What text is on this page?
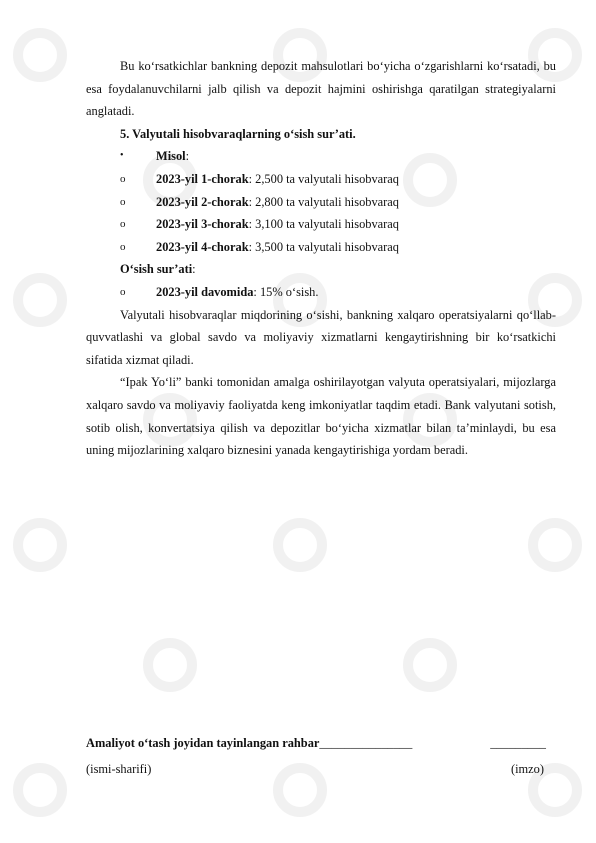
Bu ko‘rsatkichlar bankning depozit mahsulotlari bo‘yicha o‘zgarishlarni ko‘rsatadi, bu esa foydalanuvchilarni jalb qilish va depozit hajmini oshirishga qaratilgan strategiyalarni anglatadi.

5. Valyutali hisobvaraqlarning o‘sish sur’ati.
•	Misol:
o	2023-yil 1-chorak: 2,500 ta valyutali hisobvaraq
o	2023-yil 2-chorak: 2,800 ta valyutali hisobvaraq
o	2023-yil 3-chorak: 3,100 ta valyutali hisobvaraq
o	2023-yil 4-chorak: 3,500 ta valyutali hisobvaraq
O‘sish sur’ati:
o	2023-yil davomida: 15% o‘sish.

Valyutali hisobvaraqlar miqdorining o‘sishi, bankning xalqaro operatsiyalarni qo‘llab-quvvatlashi va global savdo va moliyaviy xizmatlarni kengaytirishning bir ko‘rsatkichi sifatida xizmat qiladi.

“Ipak Yo‘li” banki tomonidan amalga oshirilayotgan valyuta operatsiyalari, mijozlarga xalqaro savdo va moliyaviy faoliyatda keng imkoniyatlar taqdim etadi. Bank valyutani sotish, sotib olish, konvertatsiya qilish va depozitlar bo‘yicha xizmatlar bilan ta’minlaydi, bu esa uning mijozlarining xalqaro biznesini yanada kengaytirishiga yordam beradi.

Amaliyot o‘tash joyidan tayinlangan rahbar_______________	_________
(ismi-sharifi)	(imzo)
